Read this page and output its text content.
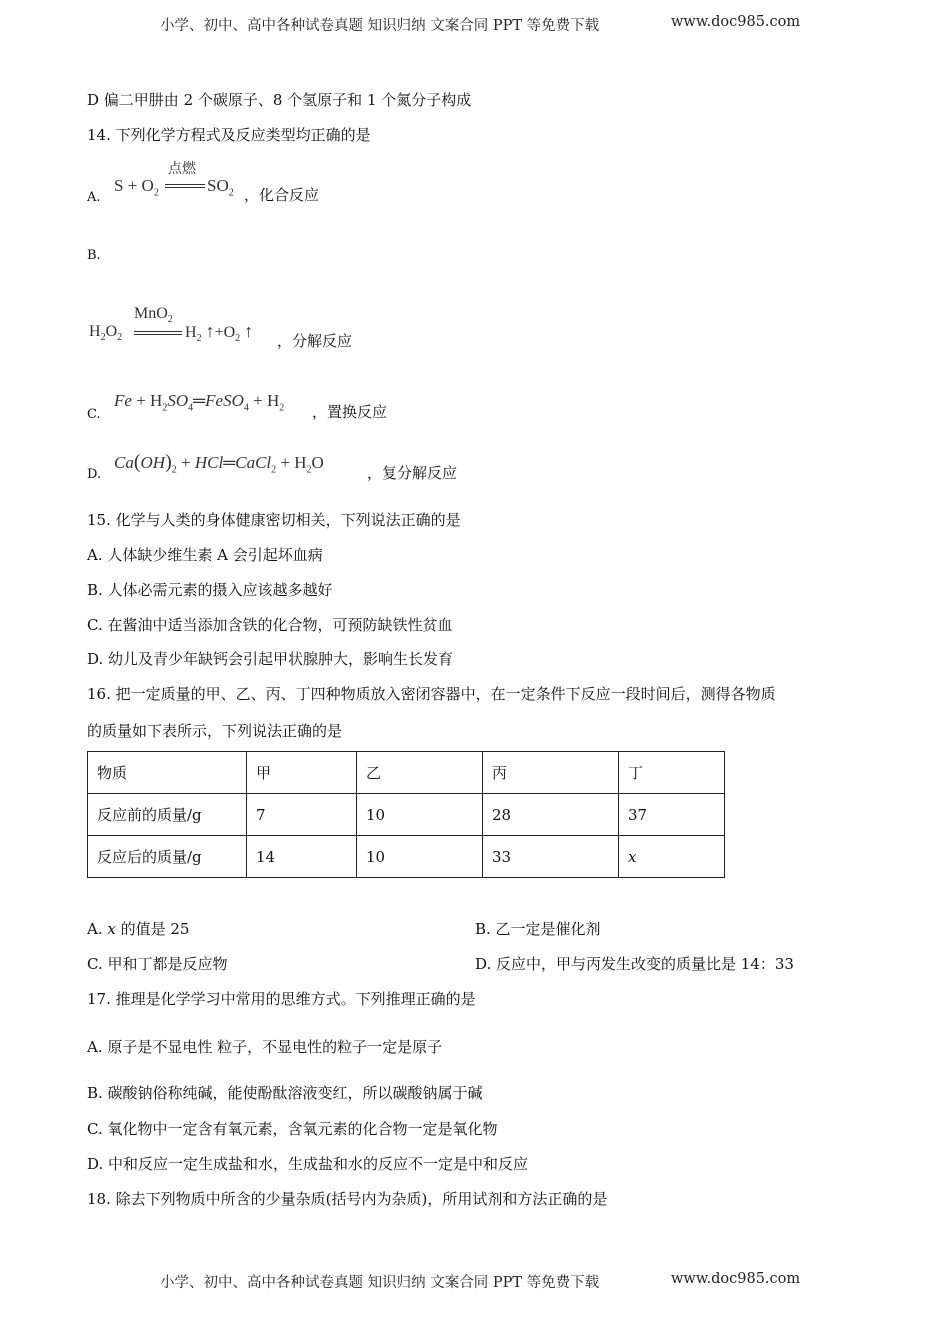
小学、初中、高中各种试卷真题 知识归纳 文案合同 PPT 等免费下载	www.doc985.com
D 偏二甲肼由 2 个碳原子、8 个氢原子和 1 个氮分子构成
14. 下列化学方程式及反应类型均正确的是
A.
点燃
$S + O_2$	$SO_2$ ，化合反应
B.
MnO$_2$
$H_2O_2$	$H_2$ $↑+O_2$ ↑ ，分解反应
C.
$Fe + H_2SO_4═FeSO_4 + H_2$ ，置换反应
D.
$Ca(OH)_2$ + HCl═CaCl$_2$ + $H_2O$
，复分解反应
15. 化学与人类的身体健康密切相关，下列说法正确的是
A. 人体缺少维生素 A 会引起坏血病
B. 人体必需元素的摄入应该越多越好
C. 在酱油中适当添加含铁的化合物，可预防缺铁性贫血
D. 幼儿及青少年缺钙会引起甲状腺肿大，影响生长发育
16. 把一定质量的甲、乙、丙、丁四种物质放入密闭容器中，在一定条件下反应一段时间后，测得各物质
的质量如下表所示，下列说法正确的是
物质	甲	乙	丙	丁
反应前的质量/g	7	10	28	37
反应后的质量/g	14	10	33	x
A. x 的值是 25	B. 乙一定是催化剂
C. 甲和丁都是反应物	D. 反应中，甲与丙发生改变的质量比是 14：33
17. 推理是化学学习中常用的思维方式。下列推理正确的是
A. 原子是不显电性 粒子，不显电性的粒子一定是原子
B. 碳酸钠俗称纯碱，能使酚酞溶液变红，所以碳酸钠属于碱
C. 氧化物中一定含有氧元素，含氧元素的化合物一定是氧化物
D. 中和反应一定生成盐和水，生成盐和水的反应不一定是中和反应
18. 除去下列物质中所含的少量杂质(括号内为杂质)，所用试剂和方法正确的是
小学、初中、高中各种试卷真题 知识归纳 文案合同 PPT 等免费下载	www.doc985.com
